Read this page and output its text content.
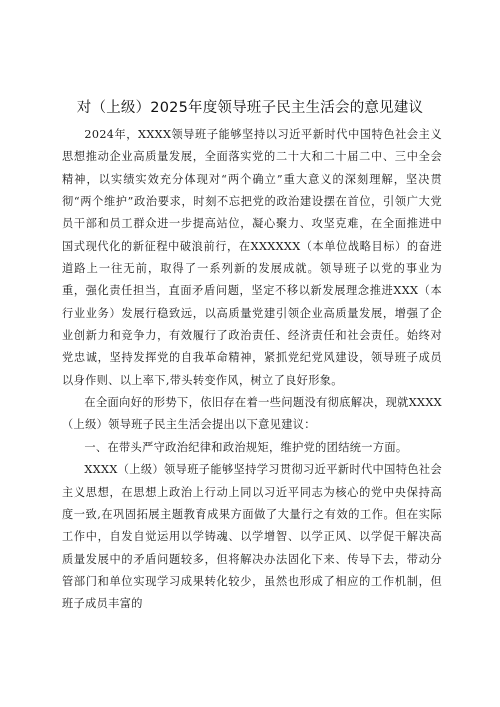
对（上级）2025年度领导班子民主生活会的意见建议

2024年，XXXX领导班子能够坚持以习近平新时代中国特色社会主义思想推动企业高质量发展，全面落实党的二十大和二十届二中、三中全会精神，以实绩实效充分体现对“两个确立”重大意义的深刻理解，坚决贯彻“两个维护”政治要求，时刻不忘把党的政治建设摆在首位，引领广大党员干部和员工群众进一步提高站位，凝心聚力、攻坚克难，在全面推进中国式现代化的新征程中破浪前行，在XXXXXX（本单位战略目标）的奋进道路上一往无前，取得了一系列新的发展成就。领导班子以党的事业为重，强化责任担当，直面矛盾问题，坚定不移以新发展理念推进XXX（本行业业务）发展行稳致远，以高质量党建引领企业高质量发展，增强了企业创新力和竞争力，有效履行了政治责任、经济责任和社会责任。始终对党忠诚，坚持发挥党的自我革命精神，紧抓党纪党风建设，领导班子成员以身作则、以上率下,带头转变作风，树立了良好形象。

在全面向好的形势下，依旧存在着一些问题没有彻底解决，现就XXXX（上级）领导班子民主生活会提出以下意见建议：

一、在带头严守政治纪律和政治规矩，维护党的团结统一方面。

XXXX（上级）领导班子能够坚持学习贯彻习近平新时代中国特色社会主义思想，在思想上政治上行动上同以习近平同志为核心的党中央保持高度一致,在巩固拓展主题教育成果方面做了大量行之有效的工作。但在实际工作中，自发自觉运用以学铸魂、以学增智、以学正风、以学促干解决高质量发展中的矛盾问题较多，但将解决办法固化下来、传导下去，带动分管部门和单位实现学习成果转化较少，虽然也形成了相应的工作机制，但班子成员丰富的
